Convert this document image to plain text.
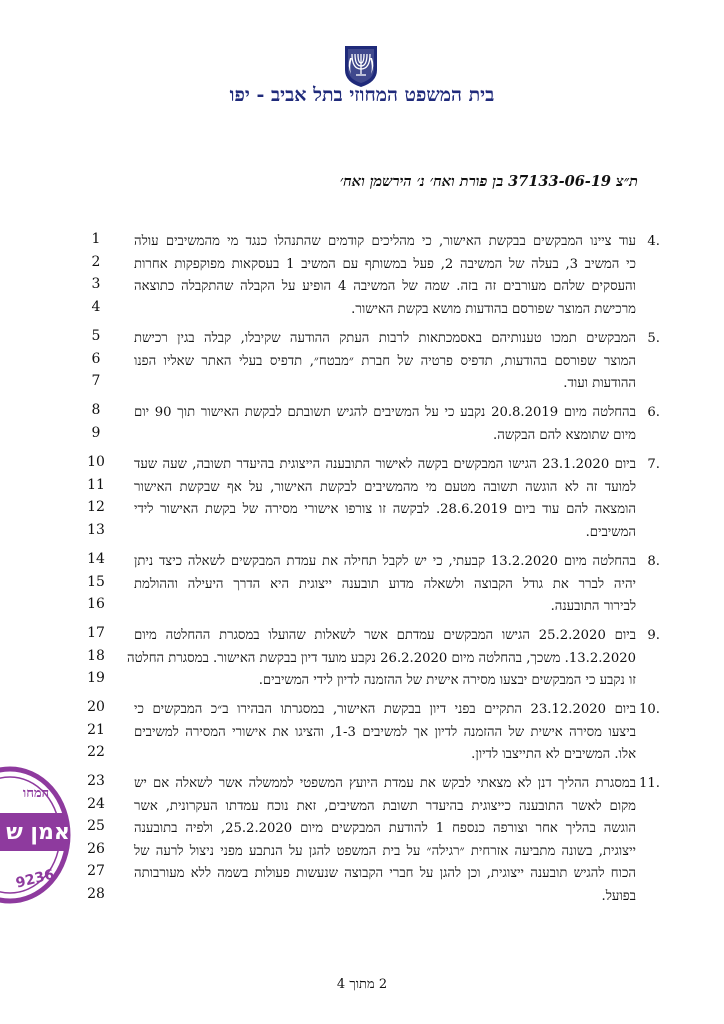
בית המשפט המחוזי בתל אביב - יפו
ת״צ 37133-06-19 בן פורת ואח׳ נ׳ הירשמן ואח׳
4.
עוד ציינו המבקשים בבקשת האישור, כי מהליכים קודמים שהתנהלו כנגד מי מהמשיבים עולה
כי המשיב 3, בעלה של המשיבה 2, פעל במשותף עם המשיב 1 בעסקאות מפוקפקות אחרות
והעסקים שלהם מעורבים זה בזה. שמה של המשיבה 4 הופיע על הקבלה שהתקבלה כתוצאה
מרכישת המוצר שפורסם בהודעות מושא בקשת האישור.
5.
המבקשים תמכו טענותיהם באסמכתאות לרבות העתק ההודעה שקיבלו, קבלה בגין רכישת
המוצר שפורסם בהודעות, תדפיס פרטיה של חברת ״מבטח״, תדפיס בעלי האתר שאליו הפנו
ההודעות ועוד.
6.
בהחלטה מיום 20.8.2019 נקבע כי על המשיבים להגיש תשובתם לבקשת האישור תוך 90 יום
מיום שתומצא להם הבקשה.
7.
ביום 23.1.2020 הגישו המבקשים בקשה לאישור התובענה הייצוגית בהיעדר תשובה, שעה שעד
למועד זה לא הוגשה תשובה מטעם מי מהמשיבים לבקשת האישור, על אף שבקשת האישור
הומצאה להם עוד ביום 28.6.2019. לבקשה זו צורפו אישורי מסירה של בקשת האישור לידי
המשיבים.
8.
בהחלטה מיום 13.2.2020 קבעתי, כי יש לקבל תחילה את עמדת המבקשים לשאלה כיצד ניתן
יהיה לברר את גודל הקבוצה ולשאלה מדוע תובענה ייצוגית היא הדרך היעילה וההולמת
לבירור התובענה.
9.
ביום 25.2.2020 הגישו המבקשים עמדתם אשר לשאלות שהועלו במסגרת ההחלטה מיום
13.2.2020. משכך, בהחלטה מיום 26.2.2020 נקבע מועד דיון בבקשת האישור. במסגרת החלטה
זו נקבע כי המבקשים יבצעו מסירה אישית של ההזמנה לדיון לידי המשיבים.
10.
ביום 23.12.2020 התקיים בפני דיון בבקשת האישור, במסגרתו הבהירו ב״כ המבקשים כי
ביצעו מסירה אישית של ההזמנה לדיון אך למשיבים 1-3, והציגו את אישורי המסירה למשיבים
אלו. המשיבים לא התייצבו לדיון.
11.
במסגרת ההליך דנן לא מצאתי לבקש את עמדת היועץ המשפטי לממשלה אשר לשאלה אם יש
מקום לאשר התובענה כייצוגית בהיעדר תשובת המשיבים, זאת נוכח עמדתו העקרונית, אשר
הוגשה בהליך אחר וצורפה כנספח 1 להודעת המבקשים מיום 25.2.2020, ולפיה בתובענה
ייצוגית, בשונה מתביעה אזרחית ״רגילה״ על בית המשפט להגן על הנתבע מפני ניצול לרעה של
הכוח להגיש תובענה ייצוגית, וכן להגן על חברי הקבוצה שנעשות פעולות בשמה ללא מעורבותה
בפועל.
1
2
3
4
5
6
7
8
9
10
11
12
13
14
15
16
17
18
19
20
21
22
23
24
25
26
27
28
2 מתוך 4
המחו
אמן ש
9236
